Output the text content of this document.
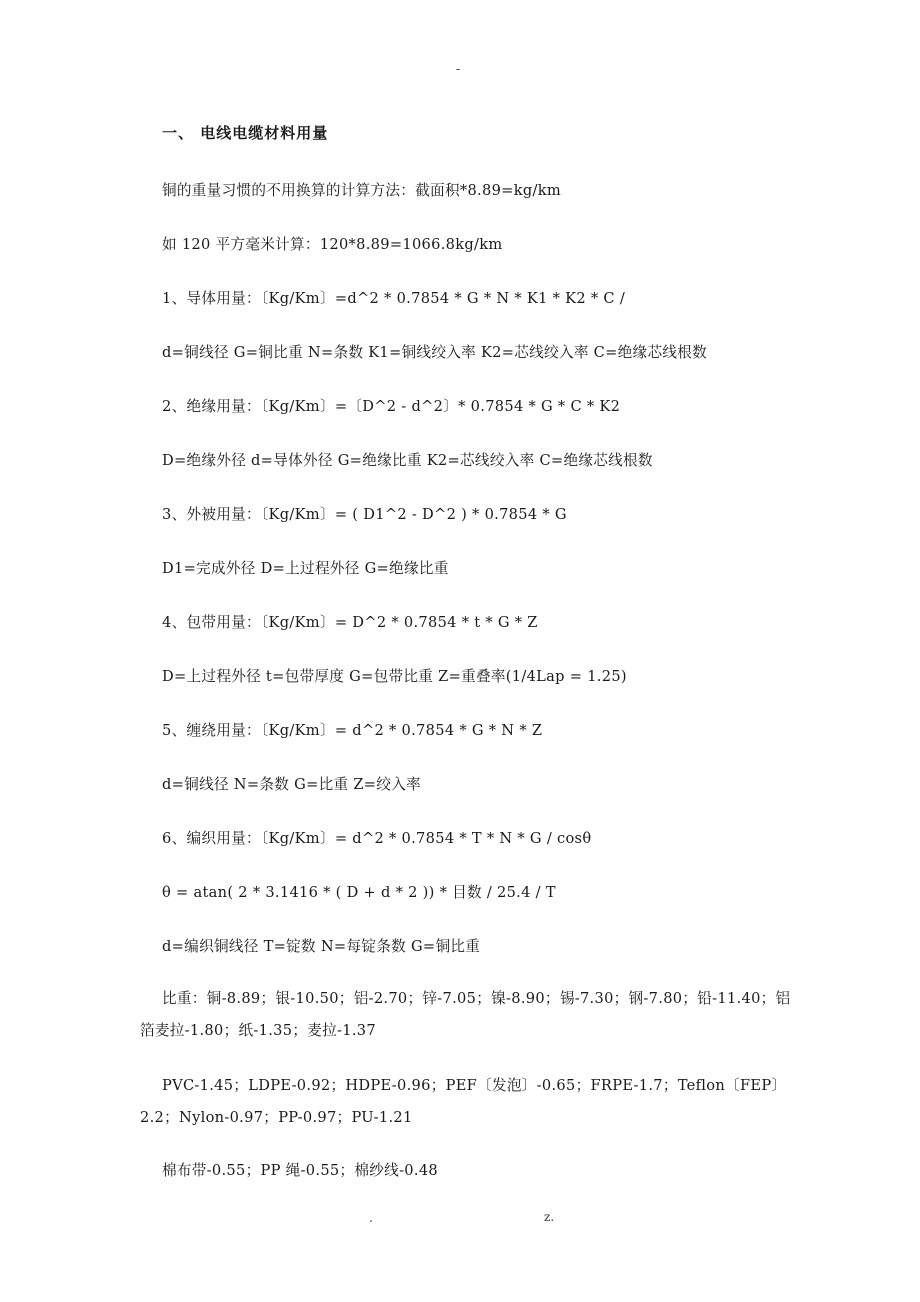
-
一、 电线电缆材料用量
铜的重量习惯的不用换算的计算方法：截面积*8.89=kg/km
如 120 平方毫米计算：120*8.89=1066.8kg/km
1、导体用量：〔Kg/Km〕=d^2 * 0.7854 * G * N * K1 * K2 * C /
d=铜线径 G=铜比重 N=条数 K1=铜线绞入率 K2=芯线绞入率 C=绝缘芯线根数
2、绝缘用量：〔Kg/Km〕=〔D^2 - d^2〕* 0.7854 * G * C * K2
D=绝缘外径 d=导体外径 G=绝缘比重 K2=芯线绞入率 C=绝缘芯线根数
3、外被用量：〔Kg/Km〕= ( D1^2 - D^2 ) * 0.7854 * G
D1=完成外径 D=上过程外径 G=绝缘比重
4、包带用量：〔Kg/Km〕= D^2 * 0.7854 * t * G * Z
D=上过程外径 t=包带厚度 G=包带比重 Z=重叠率(1/4Lap = 1.25)
5、缠绕用量：〔Kg/Km〕= d^2 * 0.7854 * G * N * Z
d=铜线径 N=条数 G=比重 Z=绞入率
6、编织用量：〔Kg/Km〕= d^2 * 0.7854 * T * N * G / cosθ
θ = atan( 2 * 3.1416 * ( D + d * 2 )) * 目数 / 25.4 / T
d=编织铜线径 T=锭数 N=每锭条数 G=铜比重
比重：铜-8.89；银-10.50；铝-2.70；锌-7.05；镍-8.90；锡-7.30；钢-7.80；铅-11.40；铝箔麦拉-1.80；纸-1.35；麦拉-1.37
PVC-1.45；LDPE-0.92；HDPE-0.96；PEF〔发泡〕-0.65；FRPE-1.7；Teflon〔FEP〕2.2；Nylon-0.97；PP-0.97；PU-1.21
棉布带-0.55；PP 绳-0.55；棉纱线-0.48
.	z.
